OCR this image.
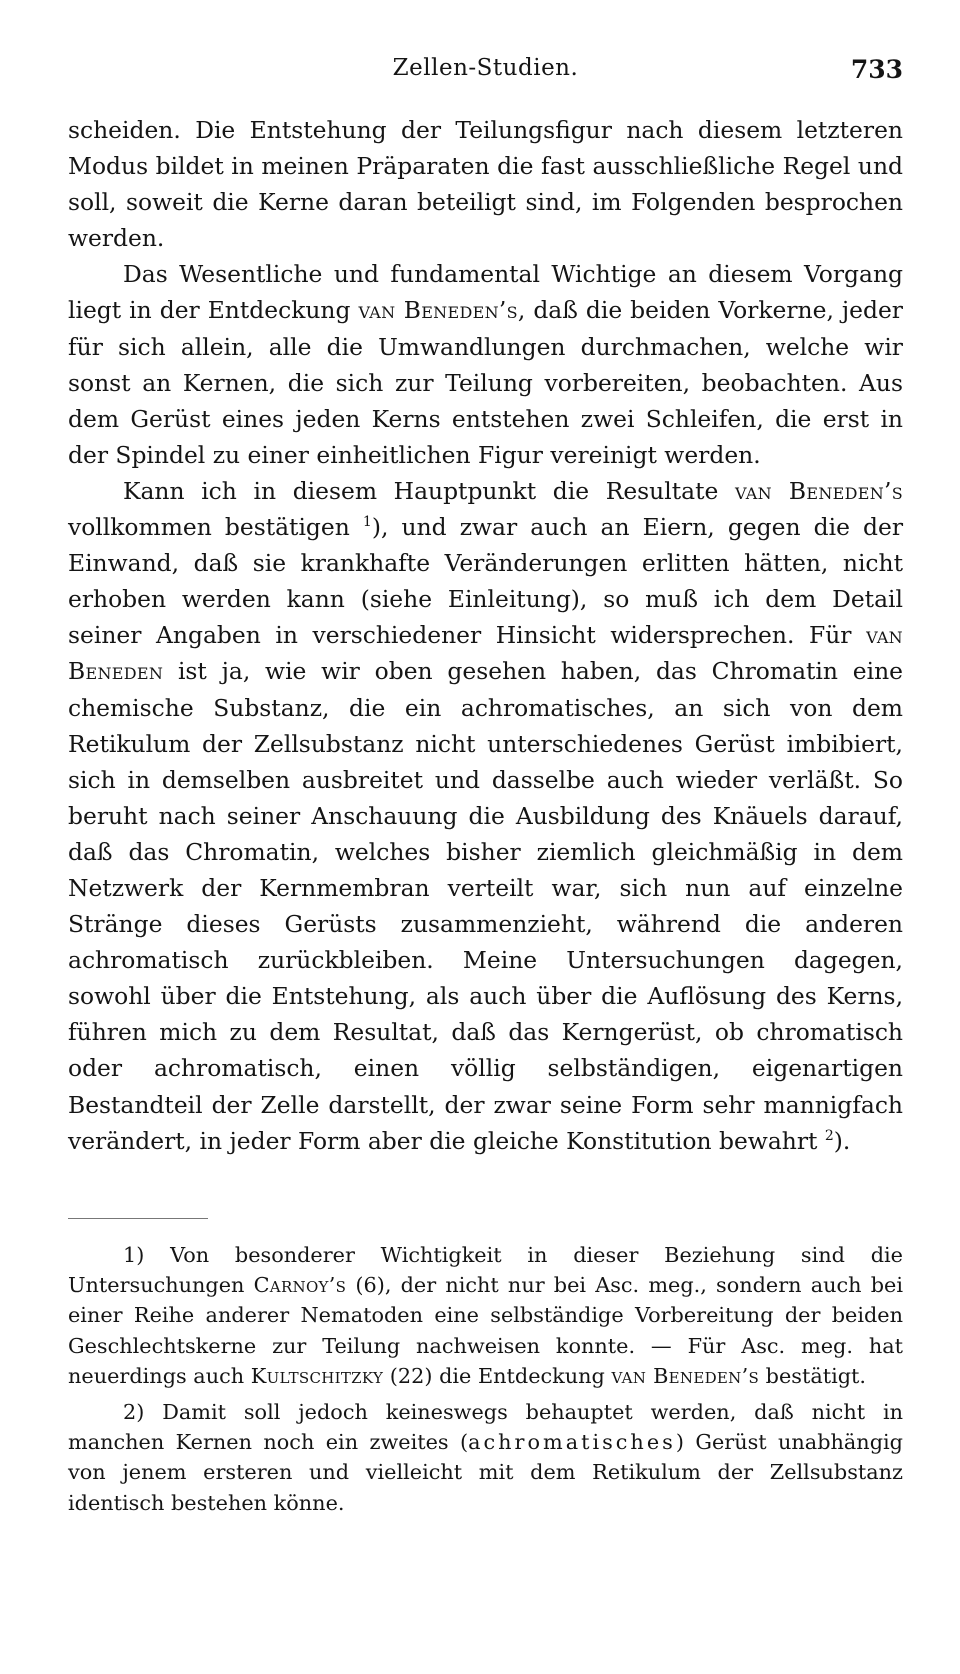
Zellen-Studien.	733

scheiden. Die Entstehung der Teilungsfigur nach diesem letzteren Modus bildet in meinen Präparaten die fast ausschließliche Regel und soll, soweit die Kerne daran beteiligt sind, im Folgenden besprochen werden.

Das Wesentliche und fundamental Wichtige an diesem Vorgang liegt in der Entdeckung van Beneden’s, daß die beiden Vorkerne, jeder für sich allein, alle die Umwandlungen durchmachen, welche wir sonst an Kernen, die sich zur Teilung vorbereiten, beobachten. Aus dem Gerüst eines jeden Kerns entstehen zwei Schleifen, die erst in der Spindel zu einer einheitlichen Figur vereinigt werden.

Kann ich in diesem Hauptpunkt die Resultate van Beneden’s vollkommen bestätigen $^1$), und zwar auch an Eiern, gegen die der Einwand, daß sie krankhafte Veränderungen erlitten hätten, nicht erhoben werden kann (siehe Einleitung), so muß ich dem Detail seiner Angaben in verschiedener Hinsicht widersprechen. Für van Beneden ist ja, wie wir oben gesehen haben, das Chromatin eine chemische Substanz, die ein achromatisches, an sich von dem Retikulum der Zellsubstanz nicht unterschiedenes Gerüst imbibiert, sich in demselben ausbreitet und dasselbe auch wieder verläßt. So beruht nach seiner Anschauung die Ausbildung des Knäuels darauf, daß das Chromatin, welches bisher ziemlich gleichmäßig in dem Netzwerk der Kernmembran verteilt war, sich nun auf einzelne Stränge dieses Gerüsts zusammenzieht, während die anderen achromatisch zurückbleiben. Meine Untersuchungen dagegen, sowohl über die Entstehung, als auch über die Auflösung des Kerns, führen mich zu dem Resultat, daß das Kerngerüst, ob chromatisch oder achromatisch, einen völlig selbständigen, eigenartigen Bestandteil der Zelle darstellt, der zwar seine Form sehr mannigfach verändert, in jeder Form aber die gleiche Konstitution bewahrt $^2$).

1) Von besonderer Wichtigkeit in dieser Beziehung sind die Untersuchungen Carnoy’s (6), der nicht nur bei Asc. meg., sondern auch bei einer Reihe anderer Nematoden eine selbständige Vorbereitung der beiden Geschlechtskerne zur Teilung nachweisen konnte. — Für Asc. meg. hat neuerdings auch Kultschitzky (22) die Entdeckung van Beneden’s bestätigt.

2) Damit soll jedoch keineswegs behauptet werden, daß nicht in manchen Kernen noch ein zweites (achromatisches) Gerüst unabhängig von jenem ersteren und vielleicht mit dem Retikulum der Zellsubstanz identisch bestehen könne.
